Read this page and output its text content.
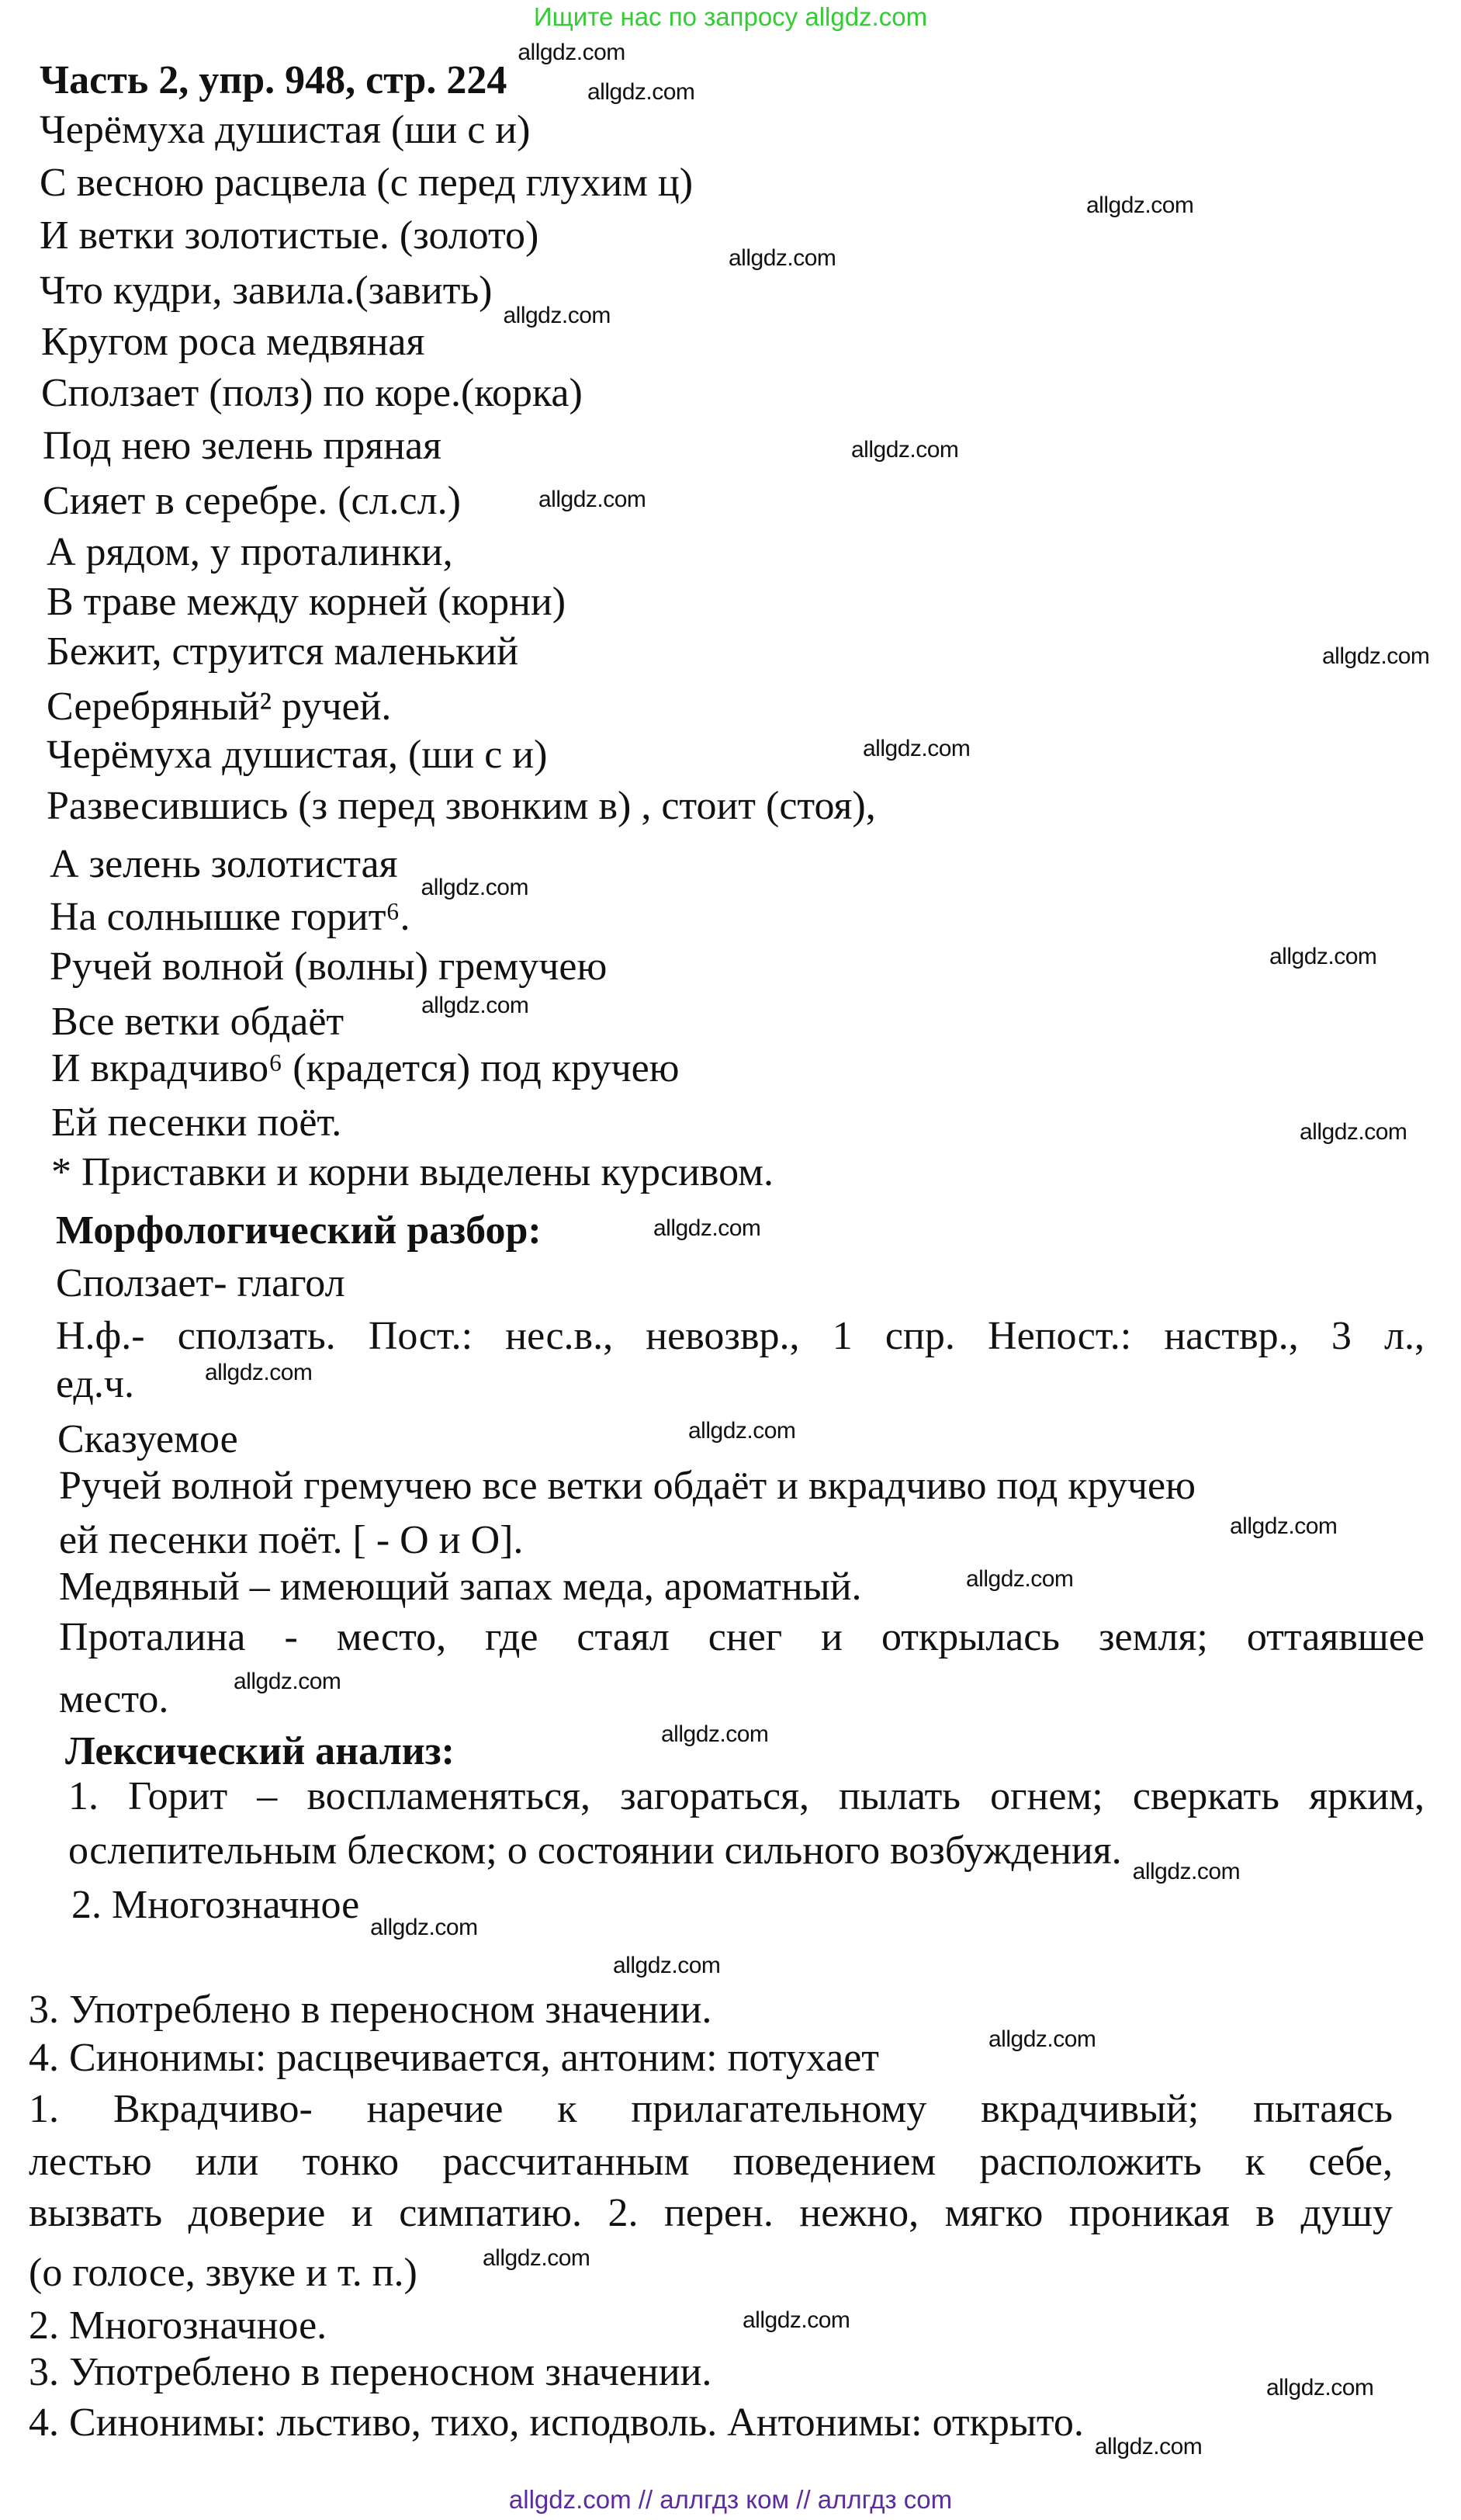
Ищите нас по запросу allgdz.com
Часть 2, упр. 948, стр. 224
Черёмуха душистая (ши с и)
С весною расцвела (с перед глухим ц)
И ветки золотистые. (золото)
Что кудри, завила.(завить)
Кругом роса медвяная
Сползает (полз) по коре.(корка)
Под нею зелень пряная
Сияет в серебре. (сл.сл.)
А рядом, у проталинки,
В траве между корней (корни)
Бежит, струится маленький
Серебряный² ручей.
Черёмуха душистая, (ши с и)
Развесившись (з перед звонким в) , стоит (стоя),
А зелень золотистая
На солнышке горит⁶.
Ручей волной (волны) гремучею
Все ветки обдаёт
И вкрадчиво⁶ (крадется) под кручею
Ей песенки поёт.
* Приставки и корни выделены курсивом.
Морфологический разбор:
Сползает- глагол
Н.ф.- сползать. Пост.: нес.в., невозвр., 1 спр. Непост.: наствр., 3 л.,
ед.ч.
Сказуемое
Ручей волной гремучею все ветки обдаёт и вкрадчиво под кручею
ей песенки поёт. [ - О и О].
Медвяный – имеющий запах меда, ароматный.
Проталина - место, где стаял снег и открылась земля; оттаявшее
место.
Лексический анализ:
1. Горит – воспламеняться, загораться, пылать огнем; сверкать ярким,
ослепительным блеском; о состоянии сильного возбуждения.
2. Многозначное
3. Употреблено в переносном значении.
4. Синонимы: расцвечивается, антоним: потухает
1. Вкрадчиво- наречие к прилагательному вкрадчивый; пытаясь
лестью или тонко рассчитанным поведением расположить к себе,
вызвать доверие и симпатию. 2. перен. нежно, мягко проникая в душу
(о голосе, звуке и т. п.)
2. Многозначное.
3. Употреблено в переносном значении.
4. Синонимы: льстиво, тихо, исподволь. Антонимы: открыто.
allgdz.com
allgdz.com
allgdz.com
allgdz.com
allgdz.com
allgdz.com
allgdz.com
allgdz.com
allgdz.com
allgdz.com
allgdz.com
allgdz.com
allgdz.com
allgdz.com
allgdz.com
allgdz.com
allgdz.com
allgdz.com
allgdz.com
allgdz.com
allgdz.com
allgdz.com
allgdz.com
allgdz.com
allgdz.com
allgdz.com
allgdz.com
allgdz.com
allgdz.com // аллгдз ком // аллгдз com
